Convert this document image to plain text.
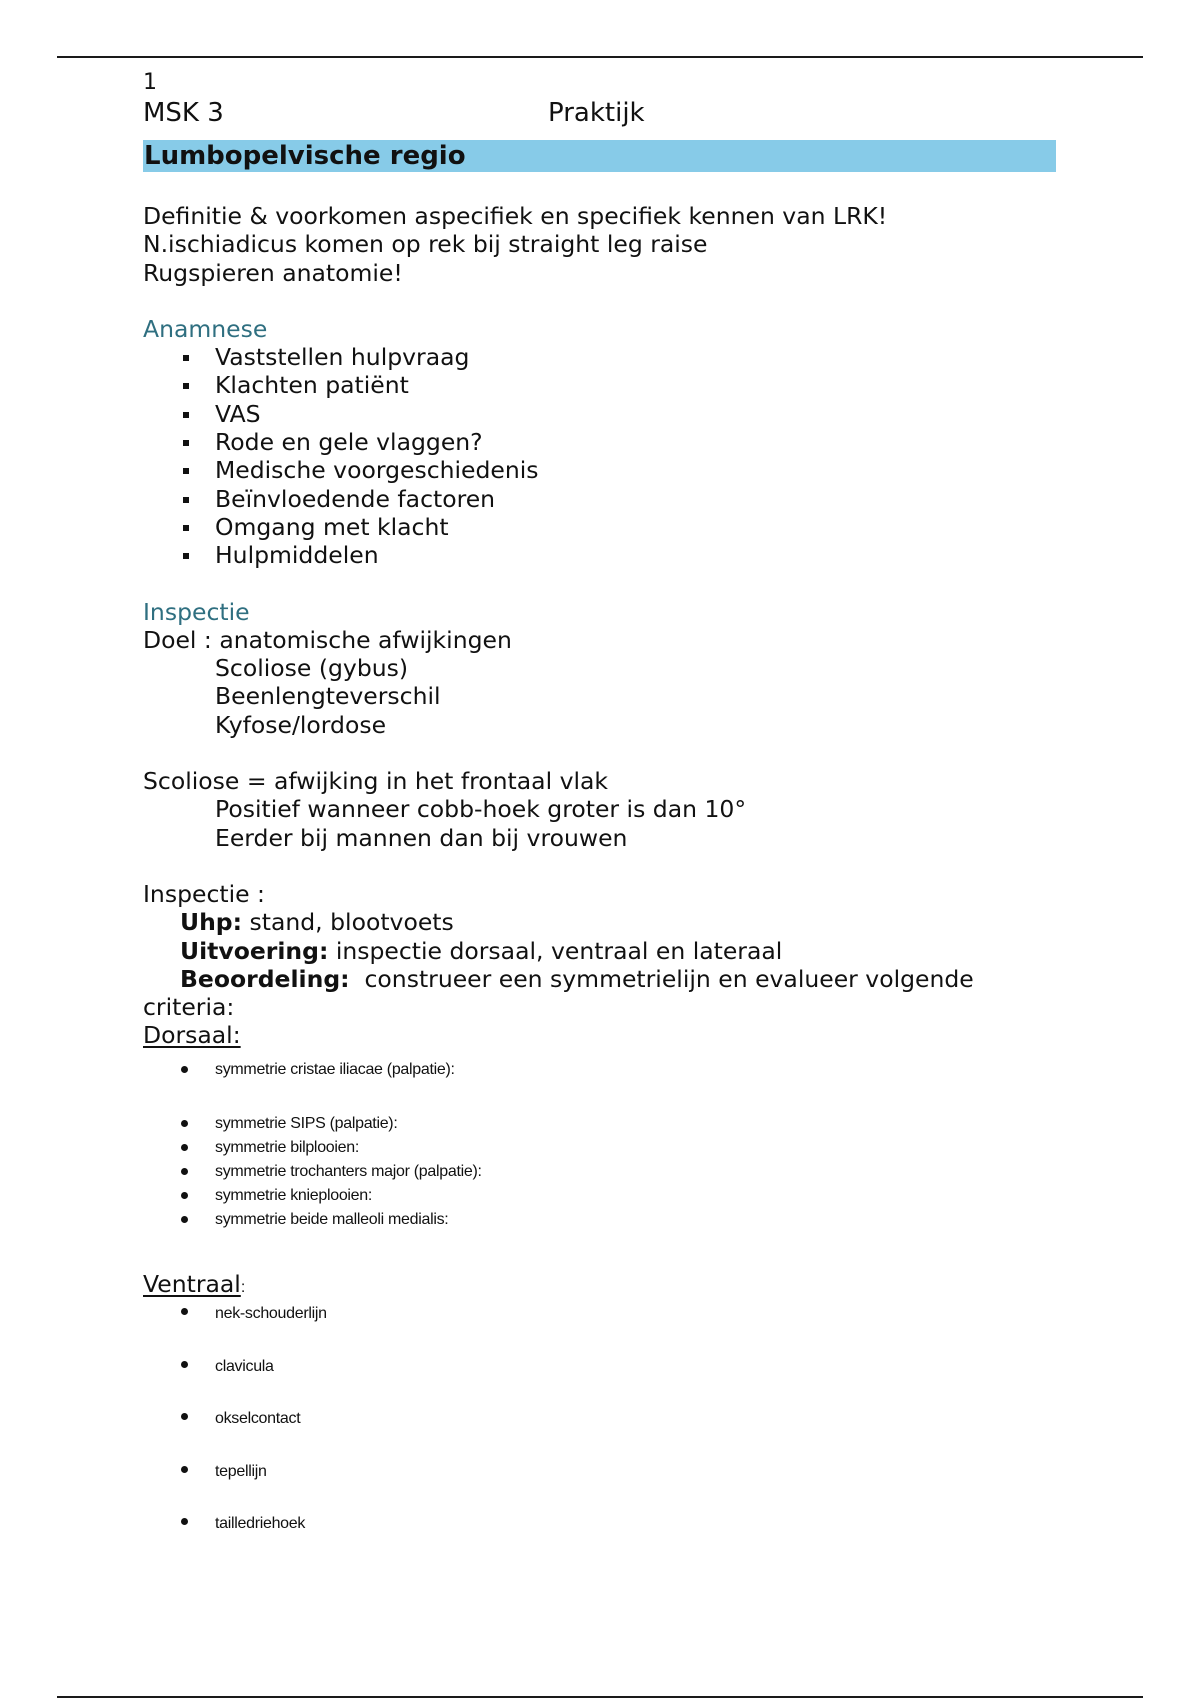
1
MSK 3	Praktijk
Lumbopelvische regio
Definitie & voorkomen aspecifiek en specifiek kennen van LRK!
N.ischiadicus komen op rek bij straight leg raise
Rugspieren anatomie!
Anamnese
Vaststellen hulpvraag
Klachten patiënt
VAS
Rode en gele vlaggen?
Medische voorgeschiedenis
Beïnvloedende factoren
Omgang met klacht
Hulpmiddelen
Inspectie
Doel : anatomische afwijkingen
Scoliose (gybus)
Beenlengteverschil
Kyfose/lordose
Scoliose = afwijking in het frontaal vlak
Positief wanneer cobb-hoek groter is dan 10°
Eerder bij mannen dan bij vrouwen
Inspectie :
Uhp: stand, blootvoets
Uitvoering: inspectie dorsaal, ventraal en lateraal
Beoordeling:  construeer een symmetrielijn en evalueer volgende
criteria:
Dorsaal:
symmetrie cristae iliacae (palpatie):
symmetrie SIPS (palpatie):
symmetrie bilplooien:
symmetrie trochanters major (palpatie):
symmetrie knieplooien:
symmetrie beide malleoli medialis:
Ventraal:
nek-schouderlijn
clavicula
okselcontact
tepellijn
tailledriehoek
